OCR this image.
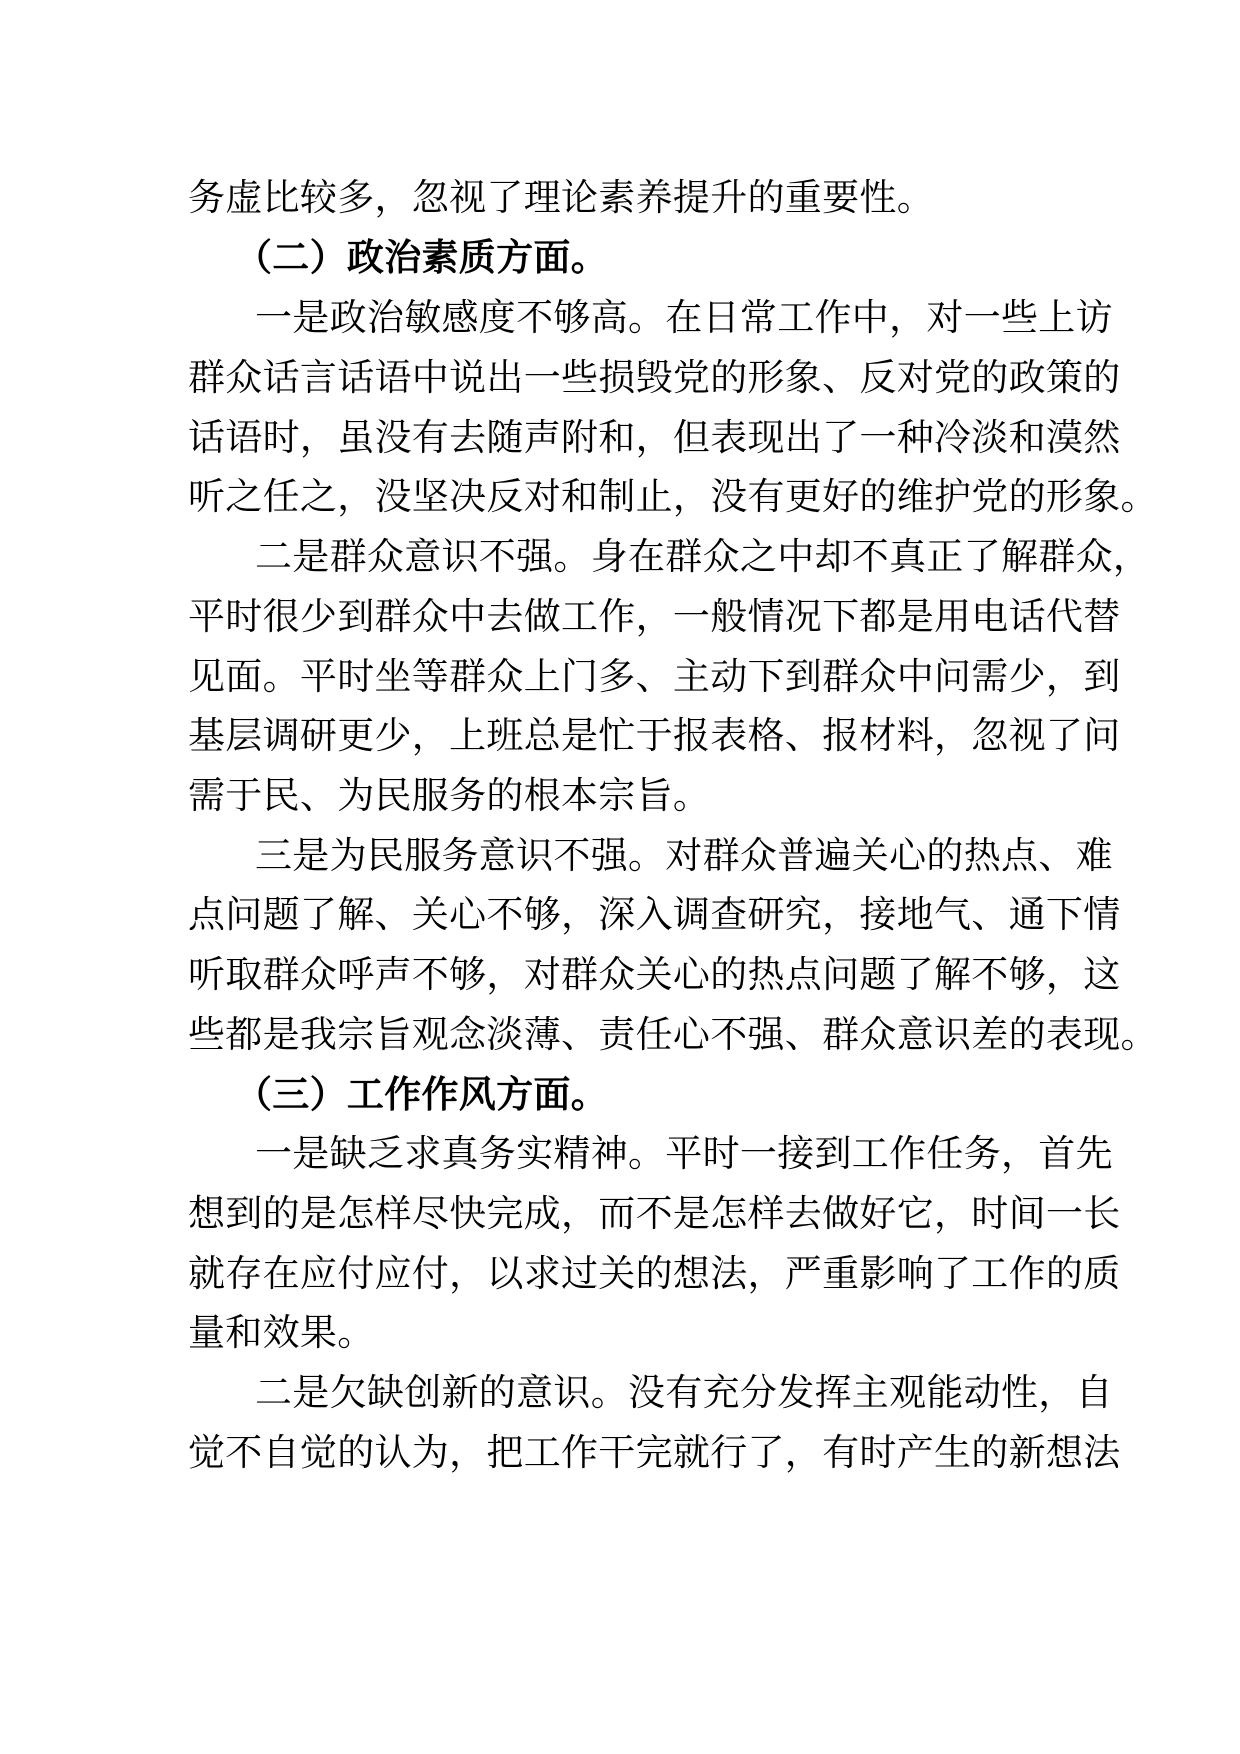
务虚比较多，忽视了理论素养提升的重要性。
（二）政治素质方面。
一是政治敏感度不够高。在日常工作中，对一些上访
群众话言话语中说出一些损毁党的形象、反对党的政策的
话语时，虽没有去随声附和，但表现出了一种冷淡和漠然
听之任之，没坚决反对和制止，没有更好的维护党的形象。
二是群众意识不强。身在群众之中却不真正了解群众，
平时很少到群众中去做工作，一般情况下都是用电话代替
见面。平时坐等群众上门多、主动下到群众中问需少，到
基层调研更少，上班总是忙于报表格、报材料，忽视了问
需于民、为民服务的根本宗旨。
三是为民服务意识不强。对群众普遍关心的热点、难
点问题了解、关心不够，深入调查研究，接地气、通下情
听取群众呼声不够，对群众关心的热点问题了解不够，这
些都是我宗旨观念淡薄、责任心不强、群众意识差的表现。
（三）工作作风方面。
一是缺乏求真务实精神。平时一接到工作任务，首先
想到的是怎样尽快完成，而不是怎样去做好它，时间一长
就存在应付应付，以求过关的想法，严重影响了工作的质
量和效果。
二是欠缺创新的意识。没有充分发挥主观能动性，自
觉不自觉的认为，把工作干完就行了，有时产生的新想法
